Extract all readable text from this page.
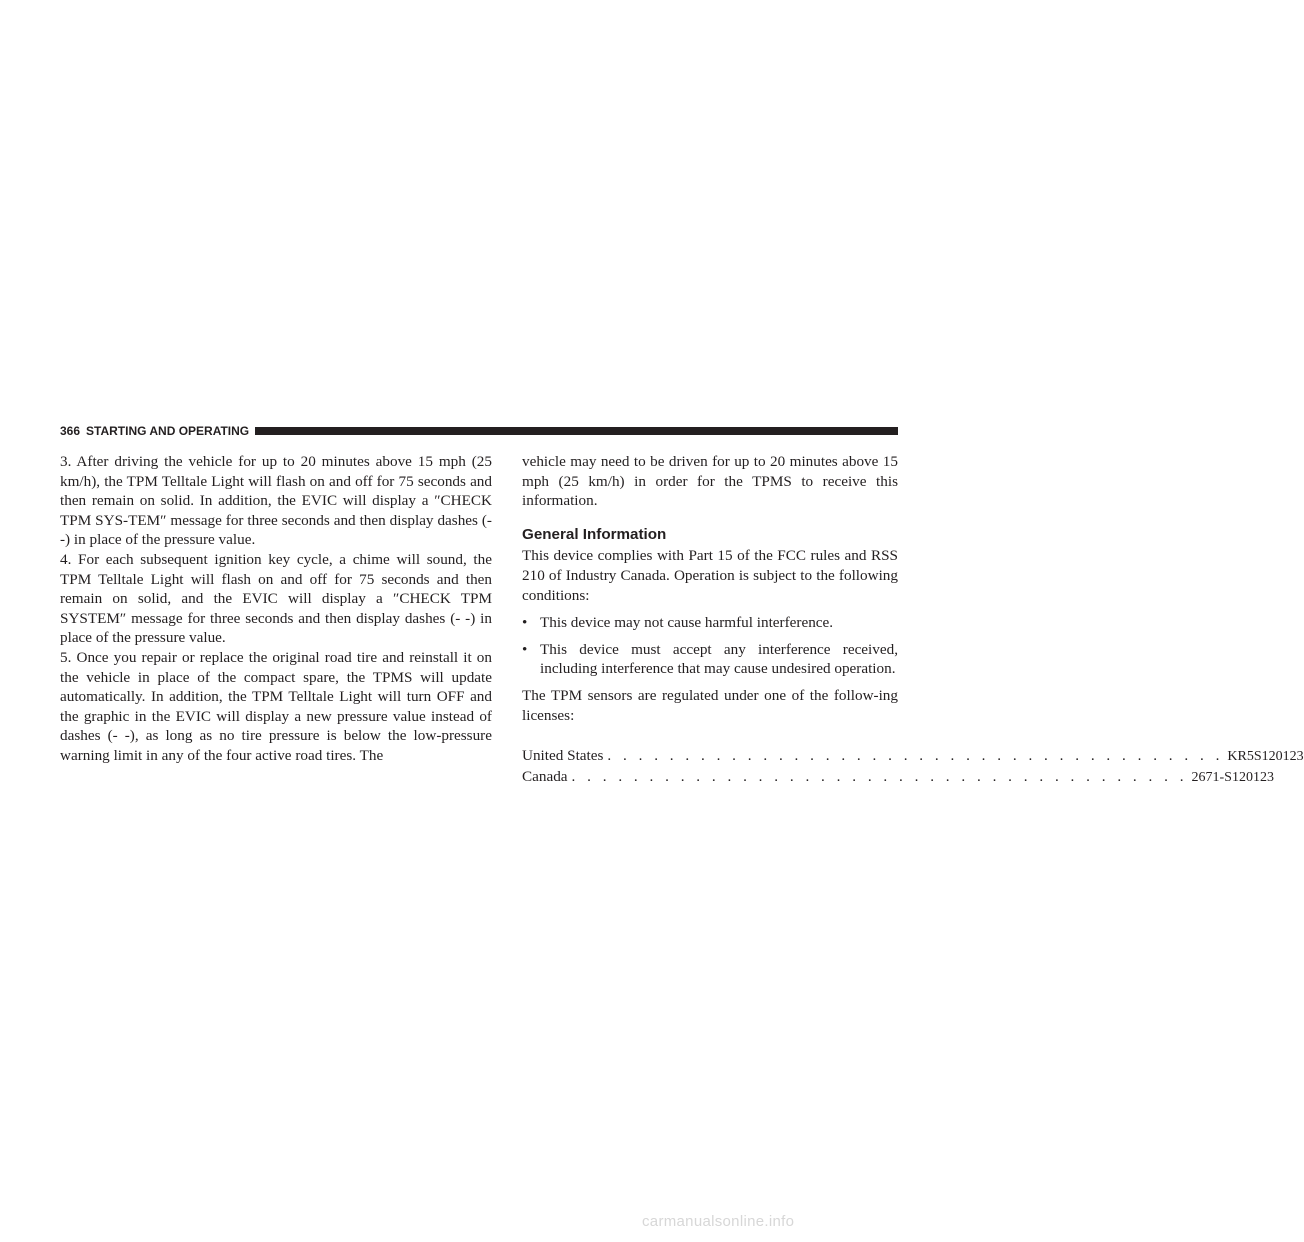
366 STARTING AND OPERATING

3. After driving the vehicle for up to 20 minutes above 15 mph (25 km/h), the TPM Telltale Light will flash on and off for 75 seconds and then remain on solid. In addition, the EVIC will display a ″CHECK TPM SYS-TEM″ message for three seconds and then display dashes (- -) in place of the pressure value.

4. For each subsequent ignition key cycle, a chime will sound, the TPM Telltale Light will flash on and off for 75 seconds and then remain on solid, and the EVIC will display a ″CHECK TPM SYSTEM″ message for three seconds and then display dashes (- -) in place of the pressure value.

5. Once you repair or replace the original road tire and reinstall it on the vehicle in place of the compact spare, the TPMS will update automatically. In addition, the TPM Telltale Light will turn OFF and the graphic in the EVIC will display a new pressure value instead of dashes (- -), as long as no tire pressure is below the low-pressure warning limit in any of the four active road tires. The

vehicle may need to be driven for up to 20 minutes above 15 mph (25 km/h) in order for the TPMS to receive this information.

General Information

This device complies with Part 15 of the FCC rules and RSS 210 of Industry Canada. Operation is subject to the following conditions:

• This device may not cause harmful interference.
• This device must accept any interference received, including interference that may cause undesired operation.

The TPM sensors are regulated under one of the follow-ing licenses:

United States . . . . . . . . . . . . . . . . . . . . . . . . . . . . . . . . . . . . . . . . KR5S120123
Canada . . . . . . . . . . . . . . . . . . . . . . . . . . . . . . . . . . . . . . . . 2671-S120123
carmanualsonline.info
